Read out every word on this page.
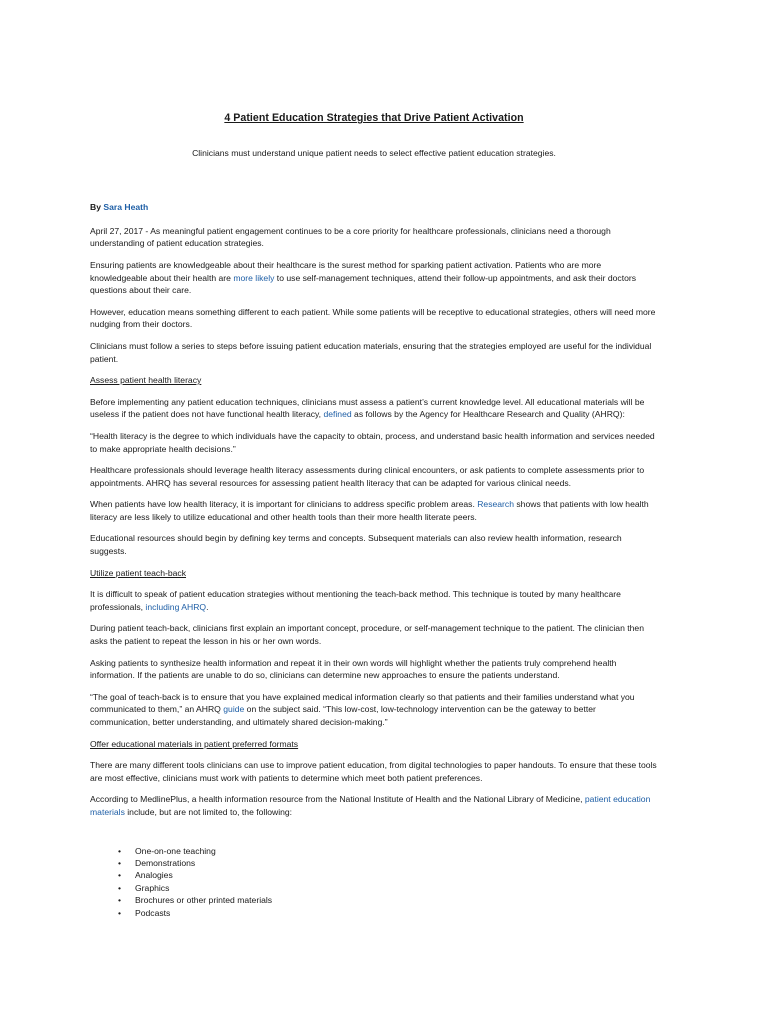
4 Patient Education Strategies that Drive Patient Activation
Clinicians must understand unique patient needs to select effective patient education strategies.

By Sara Heath

April 27, 2017 - As meaningful patient engagement continues to be a core priority for healthcare professionals, clinicians need a thorough understanding of patient education strategies.

Ensuring patients are knowledgeable about their healthcare is the surest method for sparking patient activation. Patients who are more knowledgeable about their health are more likely to use self-management techniques, attend their follow-up appointments, and ask their doctors questions about their care.

However, education means something different to each patient. While some patients will be receptive to educational strategies, others will need more nudging from their doctors.

Clinicians must follow a series to steps before issuing patient education materials, ensuring that the strategies employed are useful for the individual patient.

Assess patient health literacy

Before implementing any patient education techniques, clinicians must assess a patient’s current knowledge level. All educational materials will be useless if the patient does not have functional health literacy, defined as follows by the Agency for Healthcare Research and Quality (AHRQ):

“Health literacy is the degree to which individuals have the capacity to obtain, process, and understand basic health information and services needed to make appropriate health decisions.”

Healthcare professionals should leverage health literacy assessments during clinical encounters, or ask patients to complete assessments prior to appointments. AHRQ has several resources for assessing patient health literacy that can be adapted for various clinical needs.

When patients have low health literacy, it is important for clinicians to address specific problem areas. Research shows that patients with low health literacy are less likely to utilize educational and other health tools than their more health literate peers.

Educational resources should begin by defining key terms and concepts. Subsequent materials can also review health information, research suggests.

Utilize patient teach-back

It is difficult to speak of patient education strategies without mentioning the teach-back method. This technique is touted by many healthcare professionals, including AHRQ.

During patient teach-back, clinicians first explain an important concept, procedure, or self-management technique to the patient. The clinician then asks the patient to repeat the lesson in his or her own words.

Asking patients to synthesize health information and repeat it in their own words will highlight whether the patients truly comprehend health information. If the patients are unable to do so, clinicians can determine new approaches to ensure the patients understand.

“The goal of teach-back is to ensure that you have explained medical information clearly so that patients and their families understand what you communicated to them,” an AHRQ guide on the subject said. “This low-cost, low-technology intervention can be the gateway to better communication, better understanding, and ultimately shared decision-making.”

Offer educational materials in patient preferred formats

There are many different tools clinicians can use to improve patient education, from digital technologies to paper handouts. To ensure that these tools are most effective, clinicians must work with patients to determine which meet both patient preferences.

According to MedlinePlus, a health information resource from the National Institute of Health and the National Library of Medicine, patient education materials include, but are not limited to, the following:

• One-on-one teaching
• Demonstrations
• Analogies
• Graphics
• Brochures or other printed materials
• Podcasts
